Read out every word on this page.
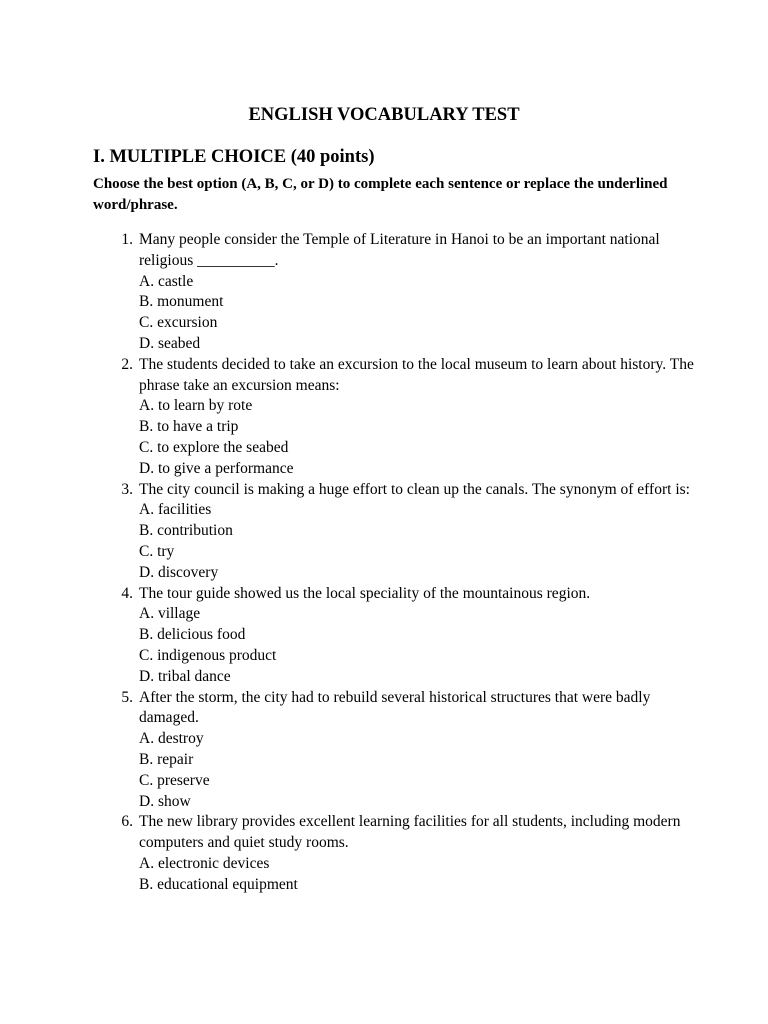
ENGLISH VOCABULARY TEST
I. MULTIPLE CHOICE (40 points)

Choose the best option (A, B, C, or D) to complete each sentence or replace the underlined word/phrase.

1. Many people consider the Temple of Literature in Hanoi to be an important national religious __________.
A. castle
B. monument
C. excursion
D. seabed
2. The students decided to take an excursion to the local museum to learn about history. The phrase take an excursion means:
A. to learn by rote
B. to have a trip
C. to explore the seabed
D. to give a performance
3. The city council is making a huge effort to clean up the canals. The synonym of effort is:
A. facilities
B. contribution
C. try
D. discovery
4. The tour guide showed us the local speciality of the mountainous region.
A. village
B. delicious food
C. indigenous product
D. tribal dance
5. After the storm, the city had to rebuild several historical structures that were badly damaged.
A. destroy
B. repair
C. preserve
D. show
6. The new library provides excellent learning facilities for all students, including modern computers and quiet study rooms.
A. electronic devices
B. educational equipment
